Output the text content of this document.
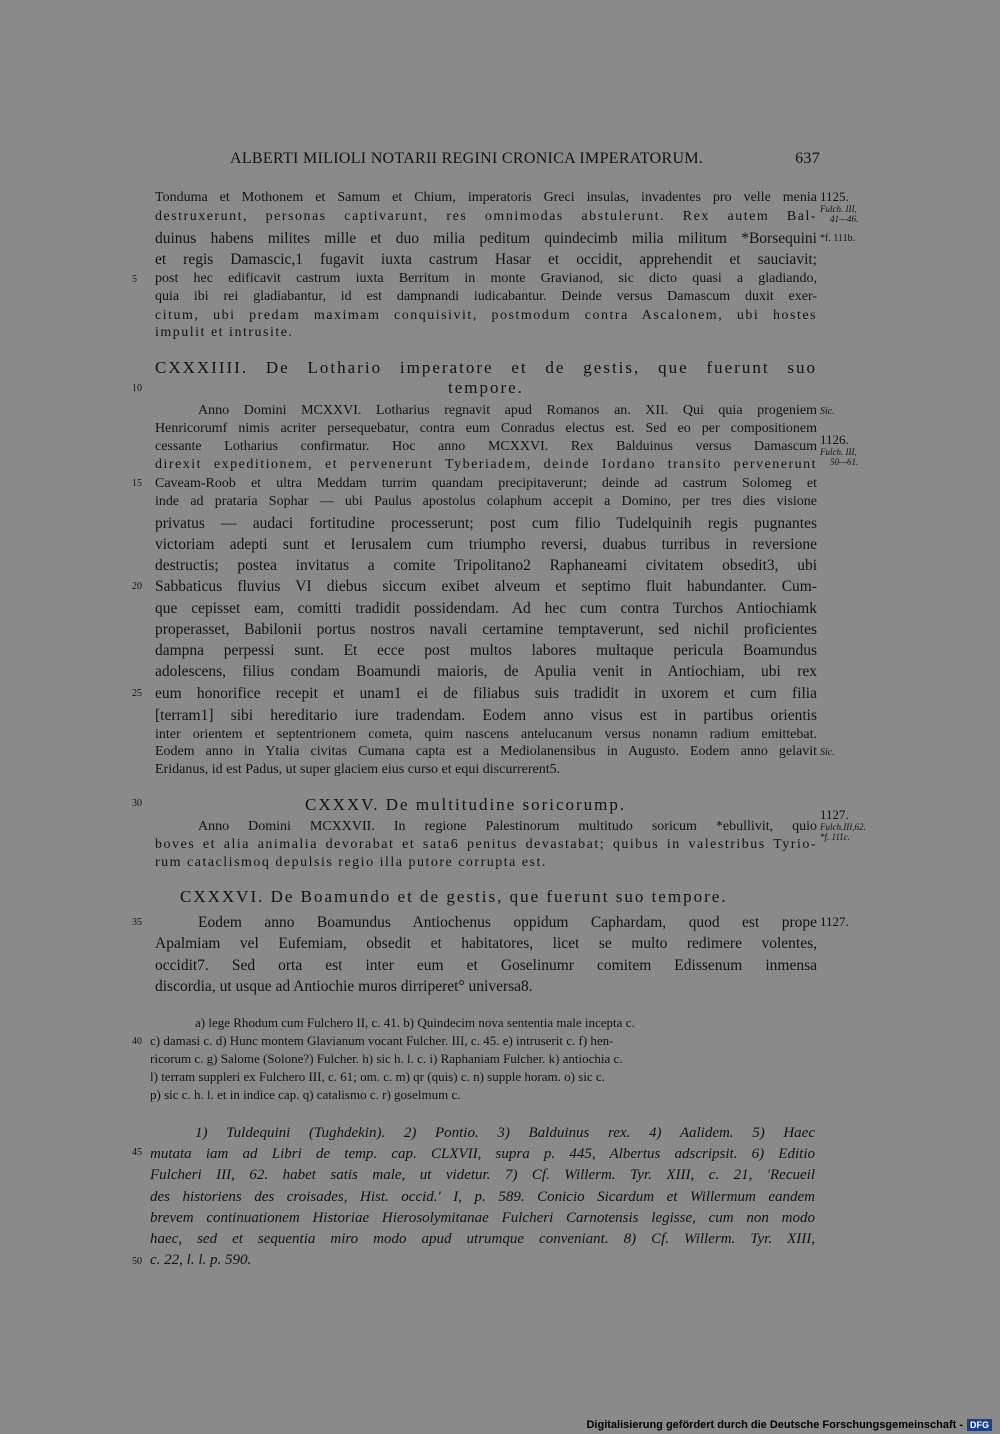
ALBERTI MILIOLI NOTARII REGINI CRONICA IMPERATORUM.	637
Tonduma et Mothonem et Samum et Chium, imperatoris Greci insulas, invadentes pro velle menia
destruxerunt, personas captivarunt, res omnimodas abstulerunt. Rex autem Bal-
duinus habens milites mille et duo milia peditum quindecimb milia militum *Borsequini
et regis Damascic,1 fugavit iuxta castrum Hasar et occidit, apprehendit et sauciavit;
post hec edificavit castrum iuxta Berritum in monte Gravianod, sic dicto quasi a gladiando,
quia ibi rei gladiabantur, id est dampnandi iudicabantur. Deinde versus Damascum duxit exer-
citum, ubi predam maximam conquisivit, postmodum contra Ascalonem, ubi hostes
impulit et intrusite.
CXXXIIII. De Lothario imperatore et de gestis, que fuerunt suo
tempore.
Anno Domini MCXXVI. Lotharius regnavit apud Romanos an. XII. Qui quia progeniem
Henricorumf nimis acriter persequebatur, contra eum Conradus electus est. Sed eo per compositionem
cessante Lotharius confirmatur. Hoc anno MCXXVI. Rex Balduinus versus Damascum
direxit expeditionem, et pervenerunt Tyberiadem, deinde Iordano transito pervenerunt
Caveam-Roob et ultra Meddam turrim quandam precipitaverunt; deinde ad castrum Solomeg et
inde ad prataria Sophar — ubi Paulus apostolus colaphum accepit a Domino, per tres dies visione
privatus — audaci fortitudine processerunt; post cum filio Tudelquinih regis pugnantes
victoriam adepti sunt et Ierusalem cum triumpho reversi, duabus turribus in reversione
destructis; postea invitatus a comite Tripolitano2 Raphaneami civitatem obsedit3, ubi
Sabbaticus fluvius VI diebus siccum exibet alveum et septimo fluit habundanter. Cum-
que cepisset eam, comitti tradidit possidendam. Ad hec cum contra Turchos Antiochiamk
properasset, Babilonii portus nostros navali certamine temptaverunt, sed nichil proficientes
dampna perpessi sunt. Et ecce post multos labores multaque pericula Boamundus
adolescens, filius condam Boamundi maioris, de Apulia venit in Antiochiam, ubi rex
eum honorifice recepit et unam1 ei de filiabus suis tradidit in uxorem et cum filia
[terram1] sibi hereditario iure tradendam. Eodem anno visus est in partibus orientis
inter orientem et septentrionem cometa, quim nascens antelucanum versus nonamn radium emittebat.
Eodem anno in Ytalia civitas Cumana capta est a Mediolanensibus in Augusto. Eodem anno gelavit
Eridanus, id est Padus, ut super glaciem eius curso et equi discurrerent5.
CXXXV. De multitudine soricorump.
Anno Domini MCXXVII. In regione Palestinorum multitudo soricum *ebullivit, quio
boves et alia animalia devorabat et sata6 penitus devastabat; quibus in valestribus Tyrio-
rum cataclismoq depulsis regio illa putore corrupta est.
CXXXVI. De Boamundo et de gestis, que fuerunt suo tempore.
Eodem anno Boamundus Antiochenus oppidum Caphardam, quod est prope
Apalmiam vel Eufemiam, obsedit et habitatores, licet se multo redimere volentes,
occidit7. Sed orta est inter eum et Goselinumr comitem Edissenum inmensa
discordia, ut usque ad Antiochie muros dirriperet° universa8.
a) lege Rhodum cum Fulchero II, c. 41. b) Quindecim nova sententia male incepta c.
c) damasi c. d) Hunc montem Glavianum vocant Fulcher. III, c. 45. e) intruserit c. f) hen-
ricorum c. g) Salome (Solone?) Fulcher. h) sic h. l. c. i) Raphaniam Fulcher. k) antiochia c.
l) terram suppleri ex Fulchero III, c. 61; om. c. m) qr (quis) c. n) supple horam. o) sic c.
p) sic c. h. l. et in indice cap. q) catalismo c. r) goselmum c.
1) Tuldequini (Tughdekin). 2) Pontio. 3) Balduinus rex. 4) Aalidem. 5) Haec
mutata iam ad Libri de temp. cap. CLXVII, supra p. 445, Albertus adscripsit. 6) Editio
Fulcheri III, 62. habet satis male, ut videtur. 7) Cf. Willerm. Tyr. XIII, c. 21, 'Recueil
des historiens des croisades, Hist. occid.' I, p. 589. Conicio Sicardum et Willermum eandem
brevem continuationem Historiae Hierosolymitanae Fulcheri Carnotensis legisse, cum non modo
haec, sed et sequentia miro modo apud utrumque conveniant. 8) Cf. Willerm. Tyr. XIII,
c. 22, l. l. p. 590.
5
10
15
20
25
30
35
40
45
50
1125.
Fulch. III,
41—46.
*f. 111b.
Sic.
1126.
Fulch. III,
50—61.
Sic.
1127.
Fulch.III,62.
*f. 111c.
1127.
Digitalisierung gefördert durch die Deutsche Forschungsgemeinschaft - DFG
